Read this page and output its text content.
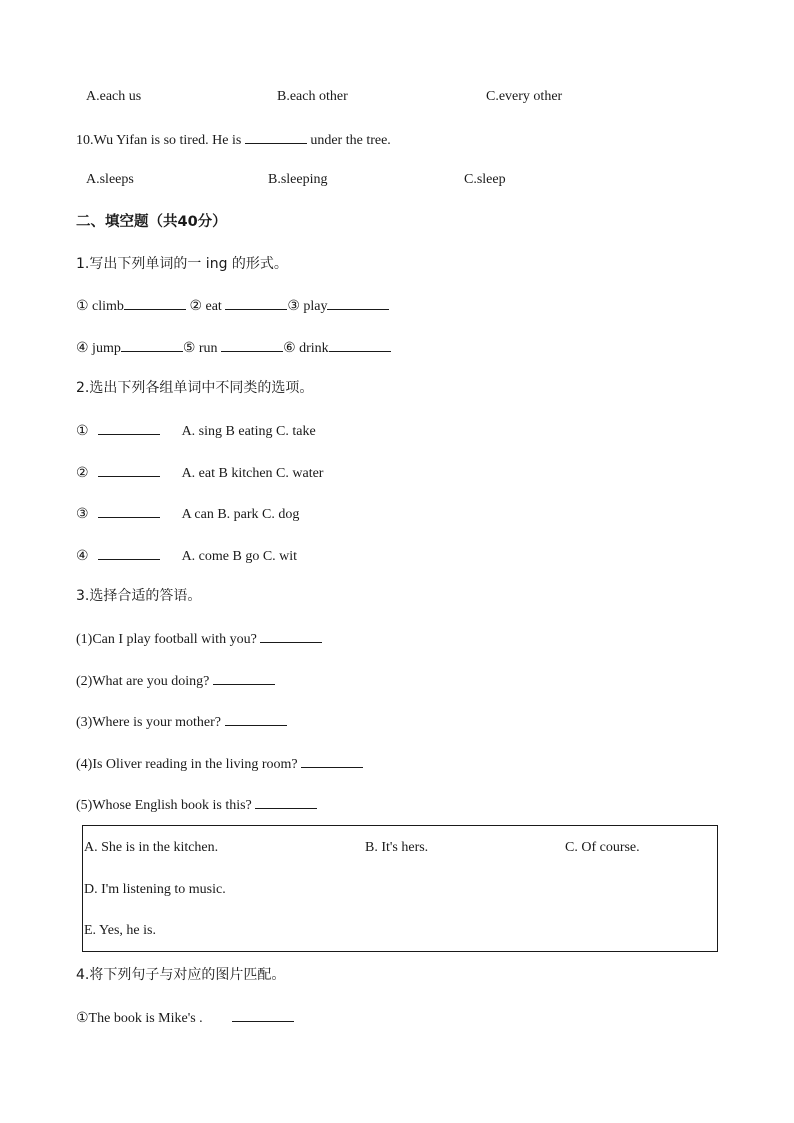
A.each us	B.each other	C.every other
10.Wu Yifan is so tired. He is	under the tree.
A.sleeps	B.sleeping	C.sleep
二、填空题（共40分）
1.写出下列单词的一 ing 的形式。
① climb	② eat	③ play
④ jump	⑤ run	⑥ drink
2.选出下列各组单词中不同类的选项。
①	A. sing B eating C. take
②	A. eat B kitchen C. water
③	A can B. park C. dog
④	A. come B go C. wit
3.选择合适的答语。
(1)Can I play football with you?
(2)What are you doing?
(3)Where is your mother?
(4)Is Oliver reading in the living room?
(5)Whose English book is this?
A. She is in the kitchen.	B. It's hers.	C. Of course.
D. I'm listening to music.
E. Yes, he is.
4.将下列句子与对应的图片匹配。
①The book is Mike's .
